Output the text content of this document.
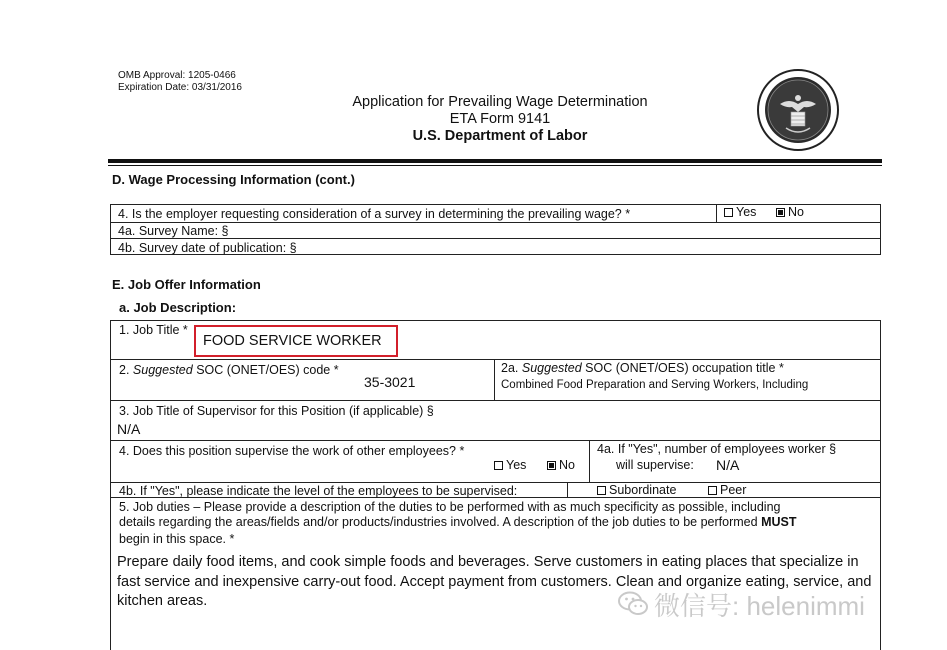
OMB Approval: 1205-0466
Expiration Date: 03/31/2016
Application for Prevailing Wage Determination
ETA Form 9141
U.S. Department of Labor
D. Wage Processing Information (cont.)
4. Is the employer requesting consideration of a survey in determining the prevailing wage? *	Yes	No
4a. Survey Name: §
4b. Survey date of publication: §
E. Job Offer Information
a. Job Description:
1. Job Title *
FOOD SERVICE WORKER
2. Suggested SOC (ONET/OES) code *
35-3021
2a. Suggested SOC (ONET/OES) occupation title *
Combined Food Preparation and Serving Workers, Including
3. Job Title of Supervisor for this Position (if applicable) §
N/A
4. Does this position supervise the work of other employees? *
Yes	No
4a. If "Yes", number of employees worker §
will supervise: N/A
4b. If "Yes", please indicate the level of the employees to be supervised:	Subordinate	Peer
5. Job duties – Please provide a description of the duties to be performed with as much specificity as possible, including
details regarding the areas/fields and/or products/industries involved. A description of the job duties to be performed MUST
begin in this space. *
Prepare daily food items, and cook simple foods and beverages. Serve customers in eating places that specialize in fast service and inexpensive carry-out food. Accept payment from customers. Clean and organize eating, service, and kitchen areas.	微信号: helenimmi
